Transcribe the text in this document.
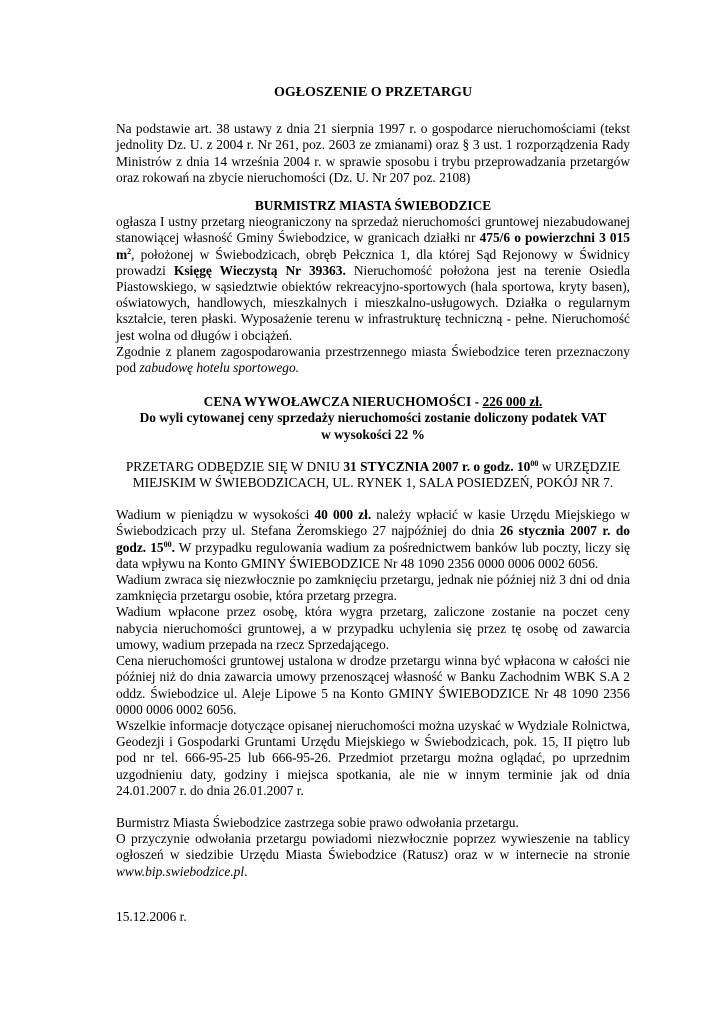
OGŁOSZENIE O PRZETARGU

Na podstawie art. 38 ustawy z dnia 21 sierpnia 1997 r. o gospodarce nieruchomościami (tekst jednolity Dz. U. z 2004 r. Nr 261, poz. 2603 ze zmianami) oraz § 3 ust. 1 rozporządzenia Rady Ministrów z dnia 14 września 2004 r. w sprawie sposobu i trybu przeprowadzania przetargów oraz rokowań na zbycie nieruchomości (Dz. U. Nr 207 poz. 2108)

BURMISTRZ MIASTA ŚWIEBODZICE

ogłasza I ustny przetarg nieograniczony na sprzedaż nieruchomości gruntowej niezabudowanej stanowiącej własność Gminy Świebodzice, w granicach działki nr 475/6 o powierzchni 3 015 $m^2$, położonej w Świebodzicach, obręb Pełcznica 1, dla której Sąd Rejonowy w Świdnicy prowadzi Księgę Wieczystą Nr 39363. Nieruchomość położona jest na terenie Osiedla Piastowskiego, w sąsiedztwie obiektów rekreacyjno-sportowych (hala sportowa, kryty basen), oświatowych, handlowych, mieszkalnych i mieszkalno-usługowych. Działka o regularnym kształcie, teren płaski. Wyposażenie terenu w infrastrukturę techniczną - pełne. Nieruchomość jest wolna od długów i obciążeń.

Zgodnie z planem zagospodarowania przestrzennego miasta Świebodzice teren przeznaczony pod zabudowę hotelu sportowego.

CENA WYWOŁAWCZA NIERUCHOMOŚCI - 226 000 zł.

Do wyli cytowanej ceny sprzedaży nieruchomości zostanie doliczony podatek VAT

w wysokości 22 %

PRZETARG ODBĘDZIE SIĘ W DNIU 31 STYCZNIA 2007 r. o godz. $10^{00}$ w URZĘDZIE MIEJSKIM W ŚWIEBODZICACH, UL. RYNEK 1, SALA POSIEDZEŃ, POKÓJ NR 7.

Wadium w pieniądzu w wysokości 40 000 zł. należy wpłacić w kasie Urzędu Miejskiego w Świebodzicach przy ul. Stefana Żeromskiego 27 najpóźniej do dnia 26 stycznia 2007 r. do godz. $15^{00}$. W przypadku regulowania wadium za pośrednictwem banków lub poczty, liczy się data wpływu na Konto GMINY ŚWIEBODZICE Nr 48 1090 2356 0000 0006 0002 6056.

Wadium zwraca się niezwłocznie po zamknięciu przetargu, jednak nie później niż 3 dni od dnia zamknięcia przetargu osobie, która przetarg przegra.

Wadium wpłacone przez osobę, która wygra przetarg, zaliczone zostanie na poczet ceny nabycia nieruchomości gruntowej, a w przypadku uchylenia się przez tę osobę od zawarcia umowy, wadium przepada na rzecz Sprzedającego.

Cena nieruchomości gruntowej ustalona w drodze przetargu winna być wpłacona w całości nie później niż do dnia zawarcia umowy przenoszącej własność w Banku Zachodnim WBK S.A 2 oddz. Świebodzice ul. Aleje Lipowe 5 na Konto GMINY ŚWIEBODZICE Nr 48 1090 2356 0000 0006 0002 6056.

Wszelkie informacje dotyczące opisanej nieruchomości można uzyskać w Wydziale Rolnictwa, Geodezji i Gospodarki Gruntami Urzędu Miejskiego w Świebodzicach, pok. 15, II piętro lub pod nr tel. 666-95-25 lub 666-95-26. Przedmiot przetargu można oglądać, po uprzednim uzgodnieniu daty, godziny i miejsca spotkania, ale nie w innym terminie jak od dnia 24.01.2007 r. do dnia 26.01.2007 r.

Burmistrz Miasta Świebodzice zastrzega sobie prawo odwołania przetargu.

O przyczynie odwołania przetargu powiadomi niezwłocznie poprzez wywieszenie na tablicy ogłoszeń w siedzibie Urzędu Miasta Świebodzice (Ratusz) oraz w w internecie na stronie www.bip.swiebodzice.pl.

15.12.2006 r.
